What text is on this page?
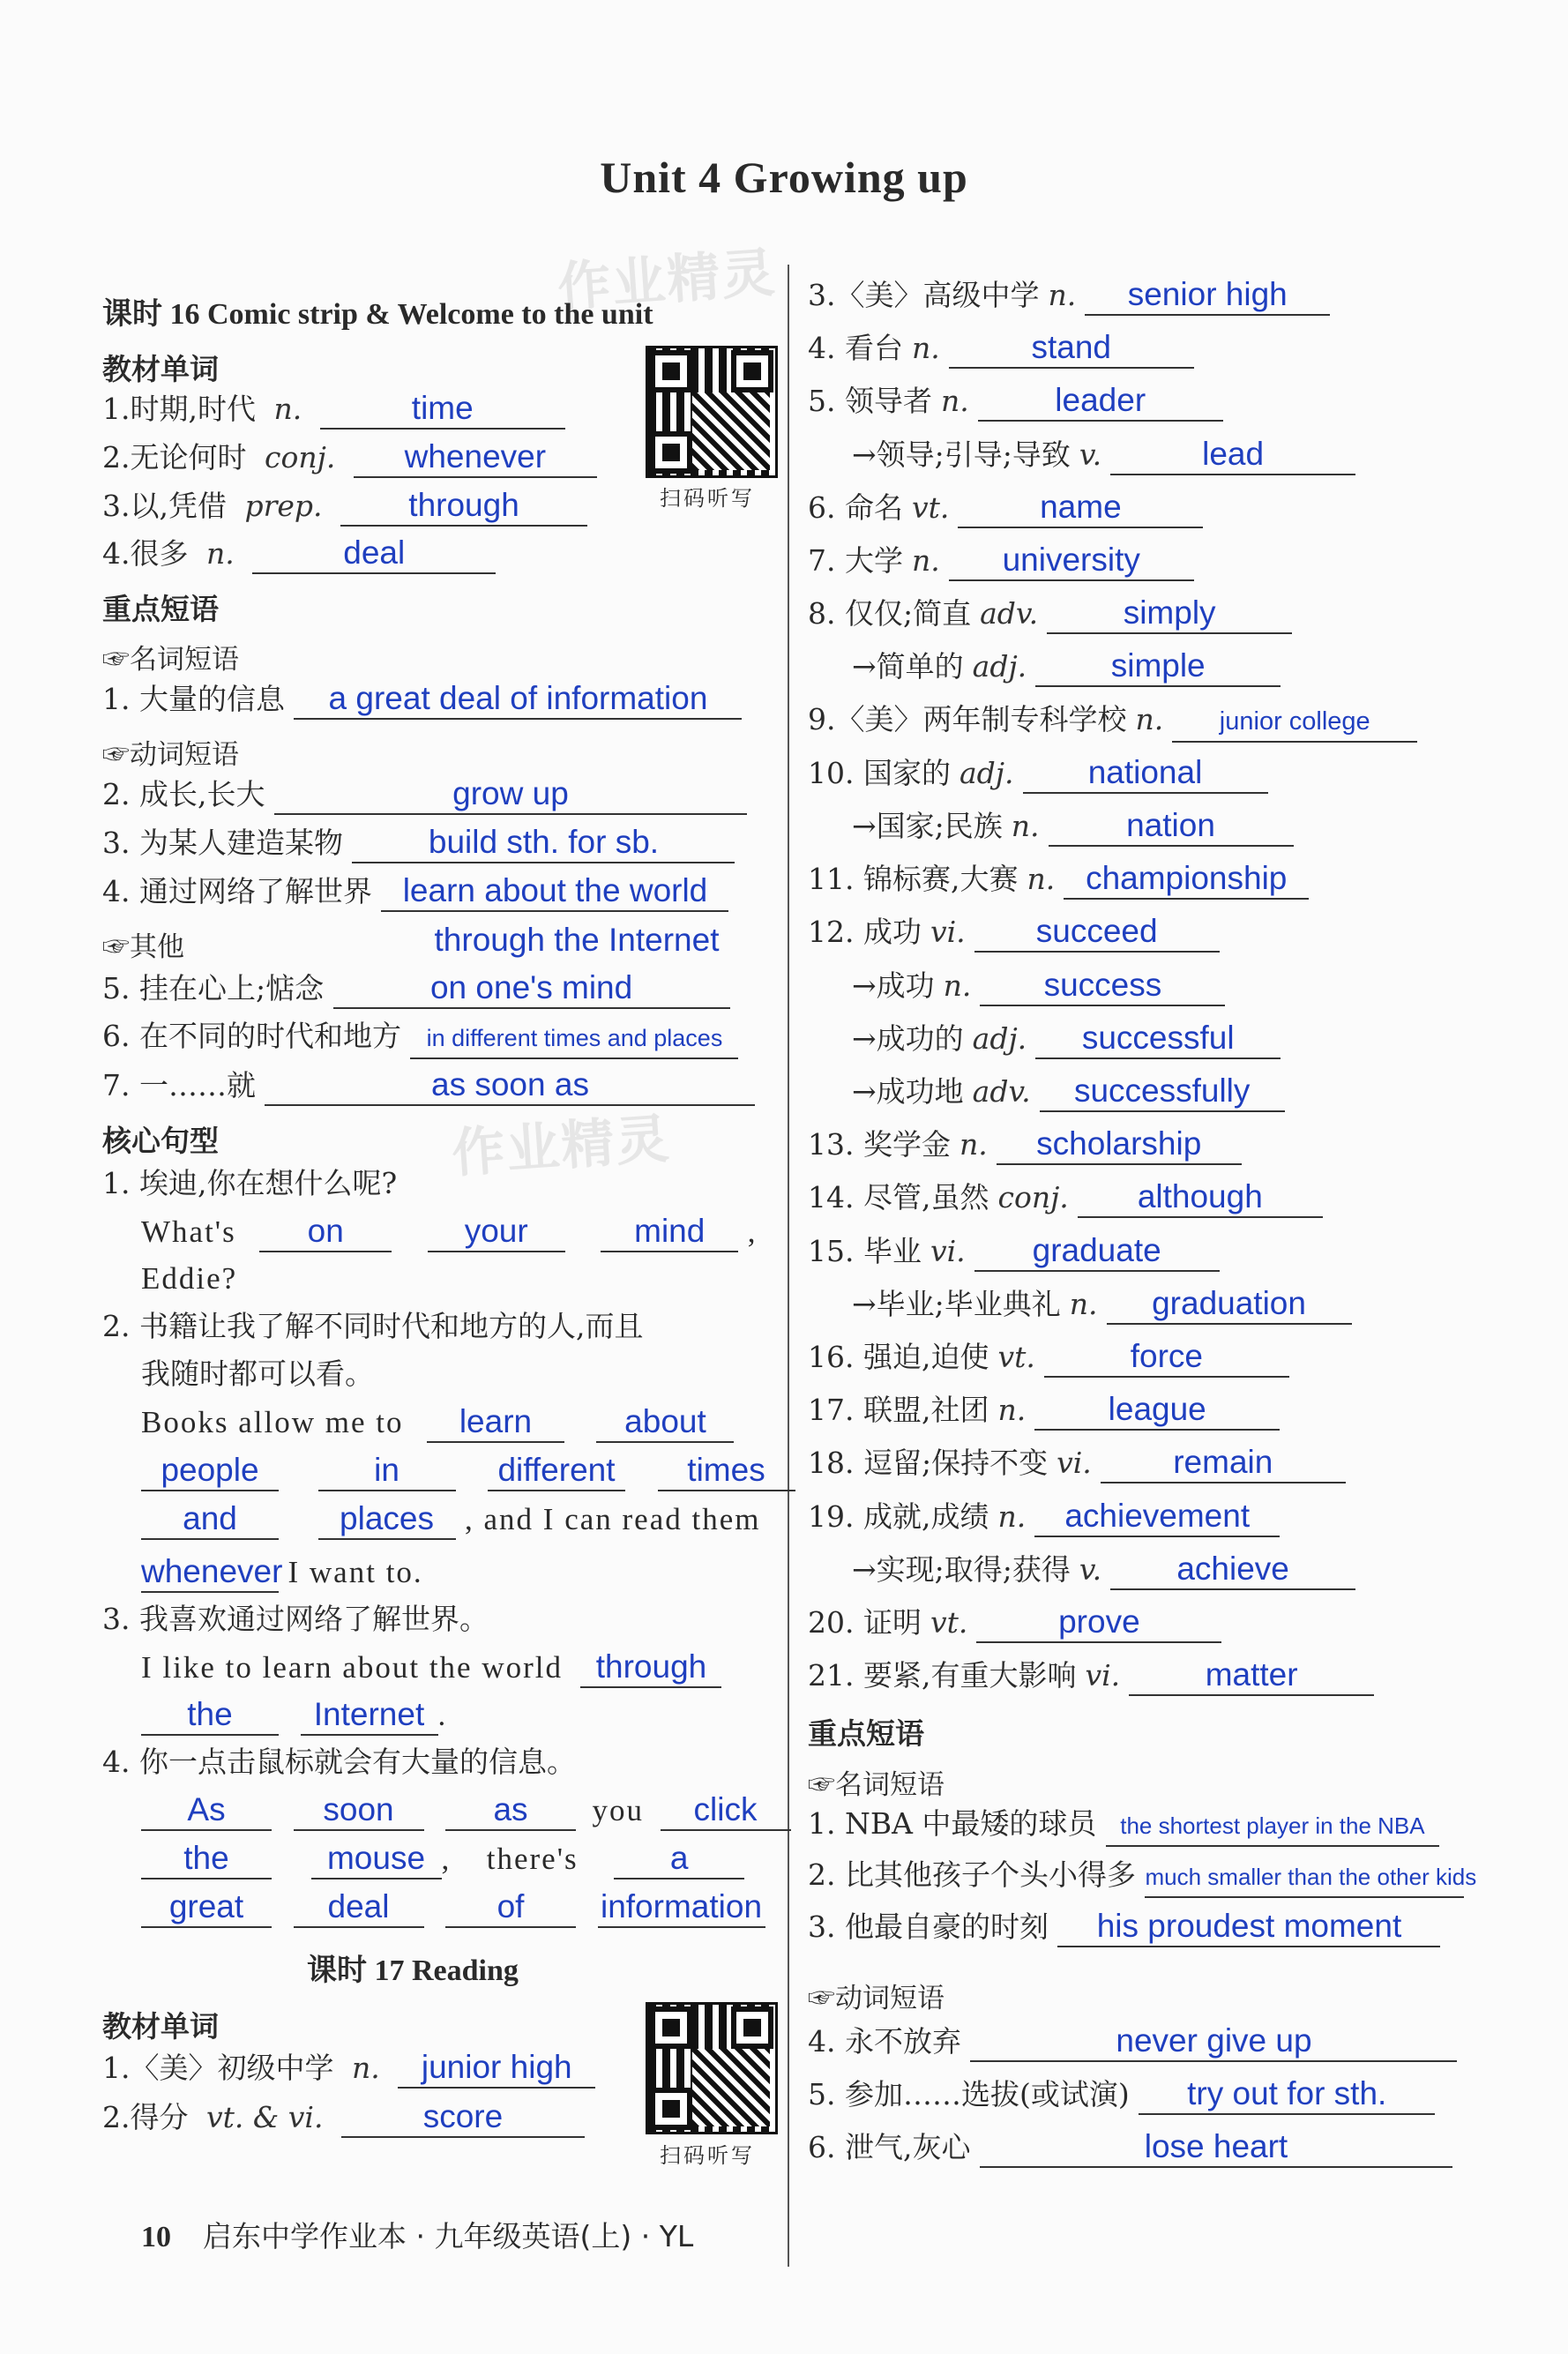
Unit 4 Growing up
作业精灵
作业精灵
课时 16 Comic strip & Welcome to the unit
教材单词
扫码听写
1.时期,时代 n.	time
2.无论何时 conj. whenever
3.以,凭借 prep.	through
4.很多 n.	deal
重点短语
☞名词短语
1. 大量的信息 a great deal of information
☞动词短语
2. 成长,长大	grow up
3. 为某人建造某物	build sth. for sb.
4. 通过网络了解世界 learn about the world
☞其他	through the Internet
5. 挂在心上;惦念	on one's mind
6. 在不同的时代和地方 in different times and places
7. 一……就	as soon as
核心句型
1. 埃迪,你在想什么呢?
What's on	your	mind ,
Eddie?
2. 书籍让我了解不同时代和地方的人,而且
我随时都可以看。
Books allow me to learn	about
people	in	different times
and	places , and I can read them
whenever I want to.
3. 我喜欢通过网络了解世界。
I like to learn about the world through
the Internet .
4. 你一点击鼠标就会有大量的信息。
As	soon	as you click
the	mouse , there's	a
great	deal	of information
课时 17 Reading
教材单词
扫码听写
1.〈美〉初级中学 n. junior high
2.得分 vt. & vi.	score
重点短语
☞名词短语
1. NBA 中最矮的球员 the shortest player in the NBA
2. 比其他孩子个头小得多 much smaller than the other kids
3. 他最自豪的时刻 his proudest moment
☞动词短语
4. 永不放弃	never give up
5. 参加……选拔(或试演) try out for sth.
6. 泄气,灰心	lose heart
3.〈美〉高级中学 n. senior high
4. 看台 n.	stand
5. 领导者 n.	leader
→领导;引导;导致 v.	lead
6. 命名 vt.	name
7. 大学 n. university
8. 仅仅;简直 adv.	simply
→简单的 adj.	simple
9.〈美〉两年制专科学校 n. junior college
10. 国家的 adj. national
→国家;民族 n.	nation
11. 锦标赛,大赛 n. championship
12. 成功 vi. succeed
→成功 n. success
→成功的 adj. successful
→成功地 adv. successfully
13. 奖学金 n. scholarship
14. 尽管,虽然 conj. although
15. 毕业 vi. graduate
→毕业;毕业典礼 n. graduation
16. 强迫,迫使 vt.	force
17. 联盟,社团 n.	league
18. 逗留;保持不变 vi. remain
19. 成就,成绩 n. achievement
→实现;取得;获得 v. achieve
20. 证明 vt.	prove
21. 要紧,有重大影响 vi.	matter
10 启东中学作业本 · 九年级英语(上) · YL
